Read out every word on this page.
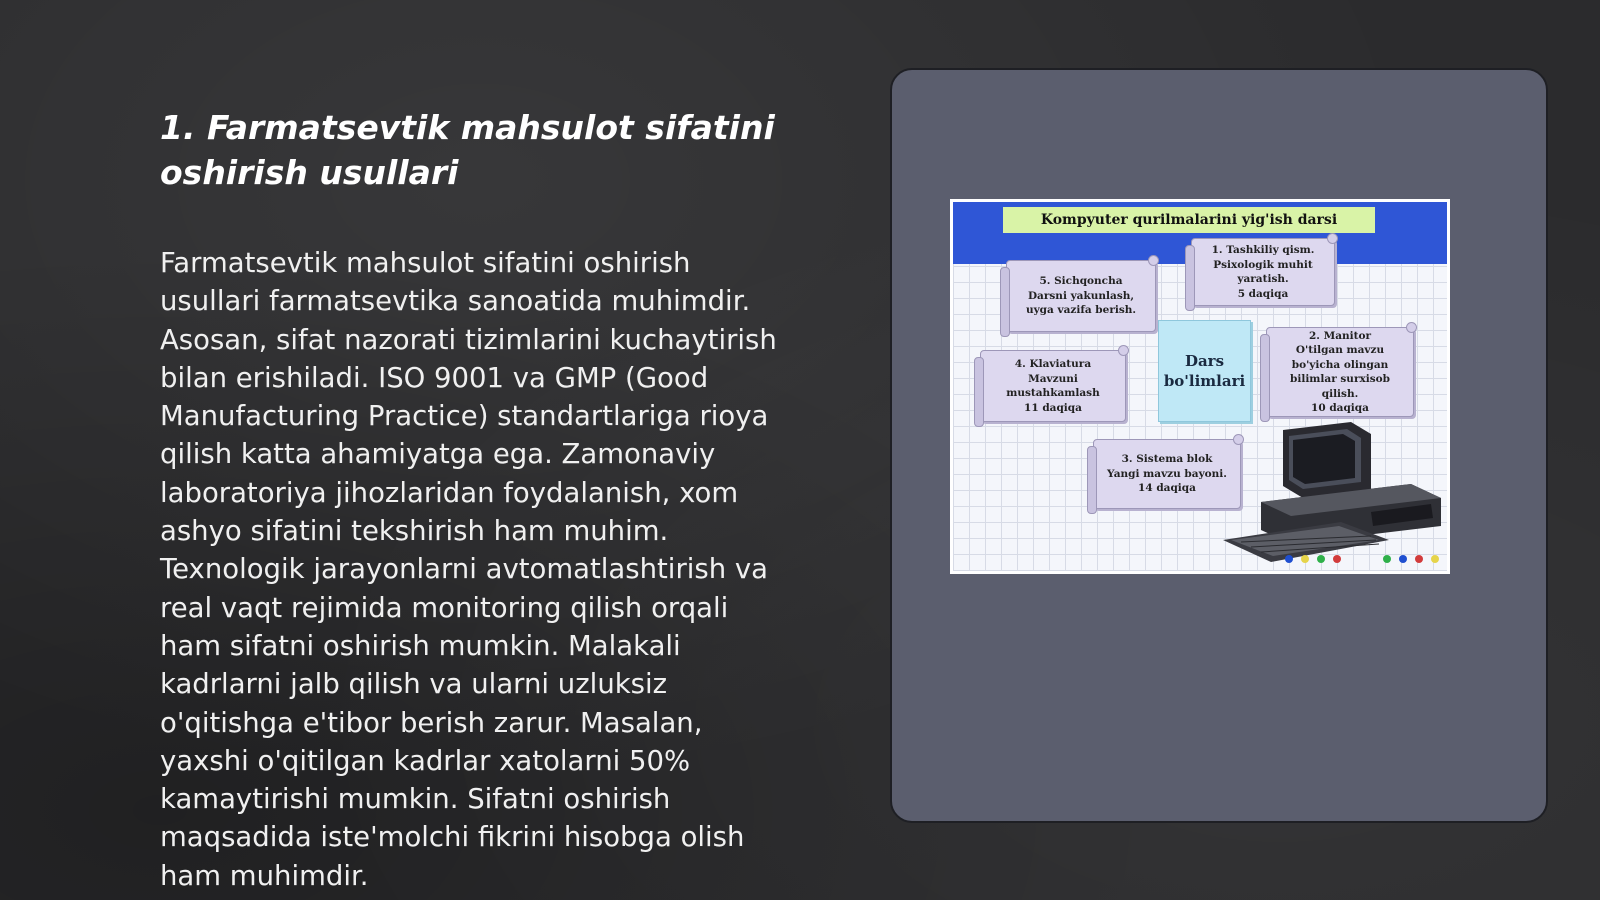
1. Farmatsevtik mahsulot sifatini
oshirish usullari

Farmatsevtik mahsulot sifatini oshirish
usullari farmatsevtika sanoatida muhimdir.
Asosan, sifat nazorati tizimlarini kuchaytirish
bilan erishiladi. ISO 9001 va GMP (Good
Manufacturing Practice) standartlariga rioya
qilish katta ahamiyatga ega. Zamonaviy
laboratoriya jihozlaridan foydalanish, xom
ashyo sifatini tekshirish ham muhim.
Texnologik jarayonlarni avtomatlashtirish va
real vaqt rejimida monitoring qilish orqali
ham sifatni oshirish mumkin. Malakali
kadrlarni jalb qilish va ularni uzluksiz
o'qitishga e'tibor berish zarur. Masalan,
yaxshi o'qitilgan kadrlar xatolarni 50%
kamaytirishi mumkin. Sifatni oshirish
maqsadida iste'molchi fikrini hisobga olish
ham muhimdir.

Kompyuter qurilmalarini yig'ish darsi
1. Tashkiliy qism.
Psixologik muhit
yaratish.
5 daqiqa
5. Sichqoncha
Darsni yakunlash,
uyga vazifa berish.
Dars
bo'limlari
2. Manitor
O'tilgan mavzu
bo'yicha olingan
bilimlar surxisob
qilish.
10 daqiqa
4. Klaviatura
Mavzuni
mustahkamlash
11 daqiqa
3. Sistema blok
Yangi mavzu bayoni.
14 daqiqa
